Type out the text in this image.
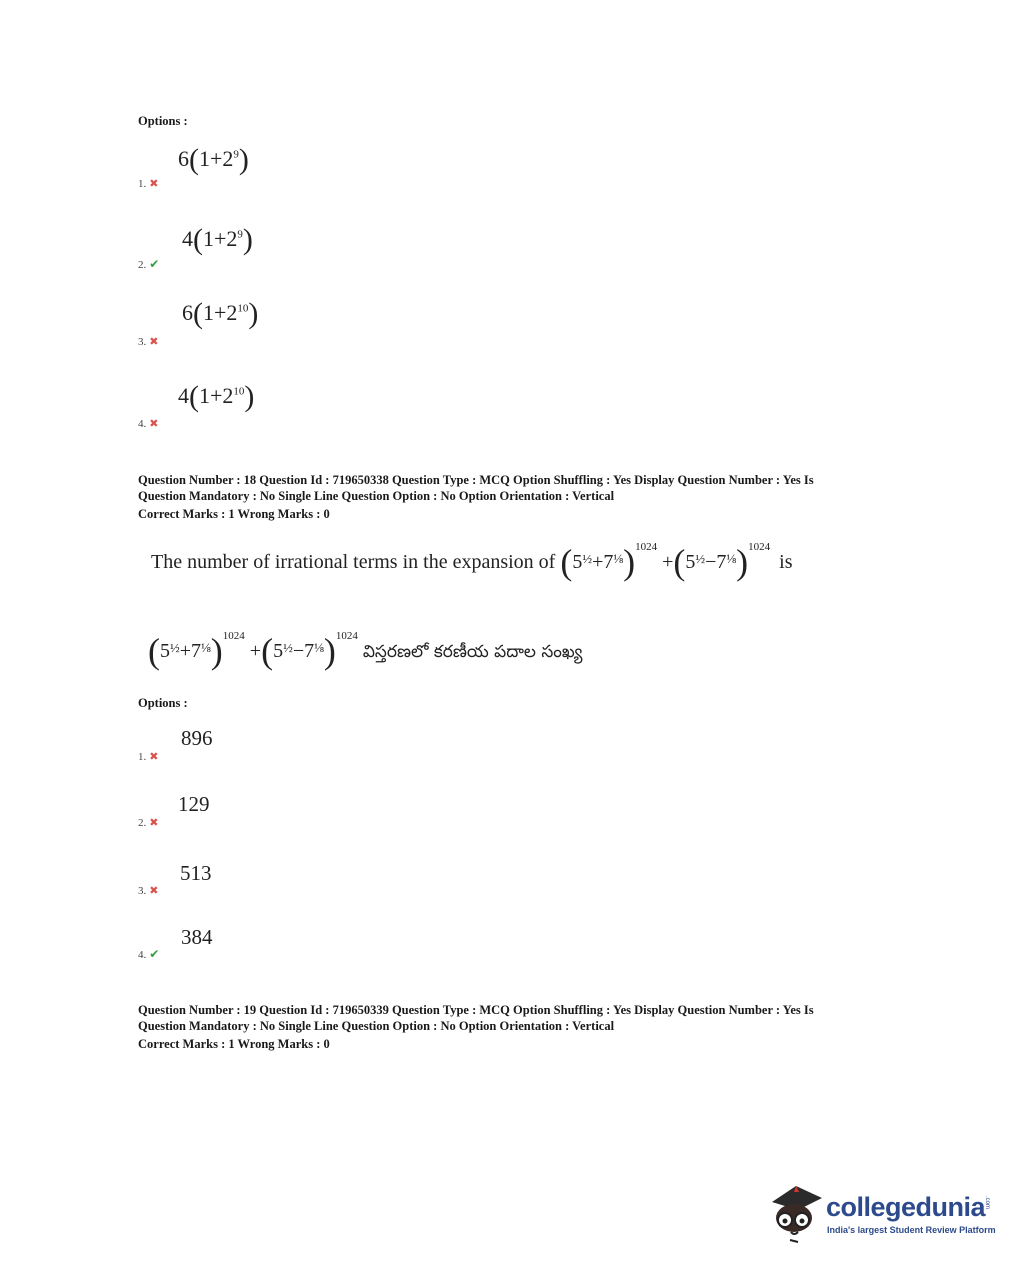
Options :
$6(1+2^9)$
1. ✖
$4(1+2^9)$
2. ✔
$6(1+2^{10})$
3. ✖
$4(1+2^{10})$
4. ✖
Question Number : 18 Question Id : 719650338 Question Type : MCQ Option Shuffling : Yes Display Question Number : Yes Is
Question Mandatory : No Single Line Question Option : No Option Orientation : Vertical
Correct Marks : 1 Wrong Marks : 0
The number of irrational terms in the expansion of $(5^{\frac{1}{2}}+7^{\frac{1}{8}})^{1024} +(5^{\frac{1}{2}}-7^{\frac{1}{8}})^{1024}$ is
$(5^{\frac{1}{2}}+7^{\frac{1}{8}})^{1024} +(5^{\frac{1}{2}}-7^{\frac{1}{8}})^{1024}$ విస్తరణలో కరణీయ పదాల సంఖ్య
Options :
896
1. ✖
129
2. ✖
513
3. ✖
384
4. ✔
Question Number : 19 Question Id : 719650339 Question Type : MCQ Option Shuffling : Yes Display Question Number : Yes Is
Question Mandatory : No Single Line Question Option : No Option Orientation : Vertical
Correct Marks : 1 Wrong Marks : 0
collegedunia
.com
India's largest Student Review Platform
